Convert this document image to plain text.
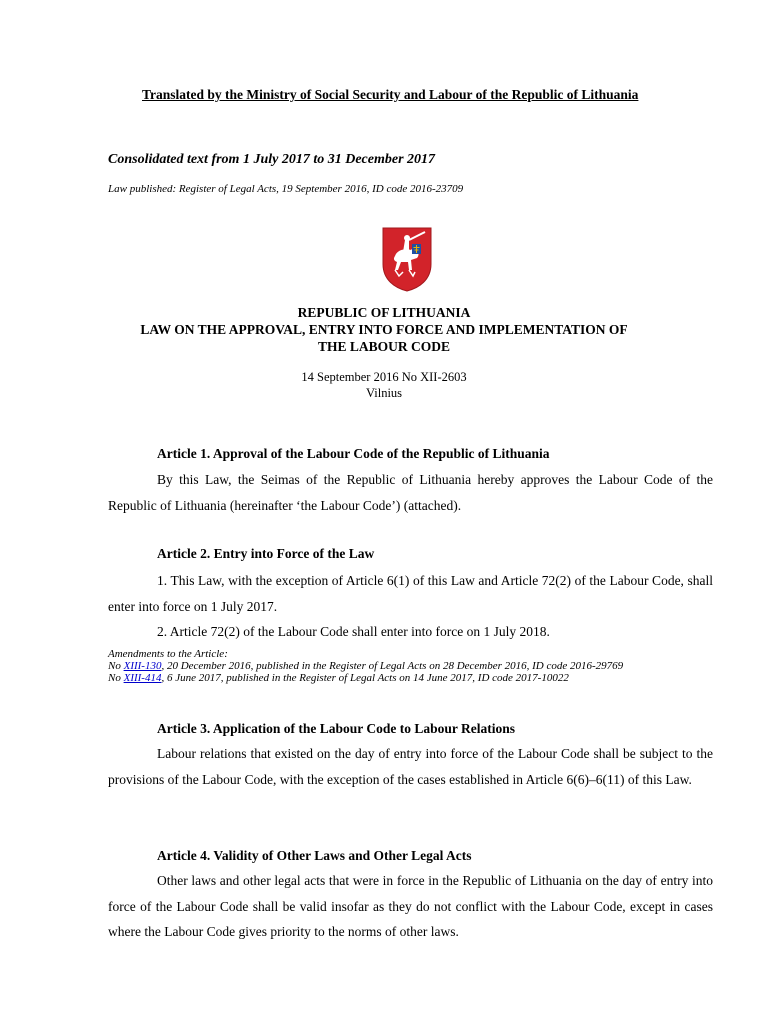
Translated by the Ministry of Social Security and Labour of the Republic of Lithuania
Consolidated text from 1 July 2017 to 31 December 2017
Law published: Register of Legal Acts, 19 September 2016, ID code 2016-23709
REPUBLIC OF LITHUANIA
LAW ON THE APPROVAL, ENTRY INTO FORCE AND IMPLEMENTATION OF
THE LABOUR CODE
14 September 2016 No XII-2603
Vilnius
Article 1. Approval of the Labour Code of the Republic of Lithuania
By this Law, the Seimas of the Republic of Lithuania hereby approves the Labour Code of the Republic of Lithuania (hereinafter ‘the Labour Code’) (attached).
Article 2. Entry into Force of the Law
1. This Law, with the exception of Article 6(1) of this Law and Article 72(2) of the Labour Code, shall enter into force on 1 July 2017.
2. Article 72(2) of the Labour Code shall enter into force on 1 July 2018.
Amendments to the Article:
No XIII-130, 20 December 2016, published in the Register of Legal Acts on 28 December 2016, ID code 2016-29769
No XIII-414, 6 June 2017, published in the Register of Legal Acts on 14 June 2017, ID code 2017-10022
Article 3. Application of the Labour Code to Labour Relations
Labour relations that existed on the day of entry into force of the Labour Code shall be subject to the provisions of the Labour Code, with the exception of the cases established in Article 6(6)–6(11) of this Law.
Article 4. Validity of Other Laws and Other Legal Acts
Other laws and other legal acts that were in force in the Republic of Lithuania on the day of entry into force of the Labour Code shall be valid insofar as they do not conflict with the Labour Code, except in cases where the Labour Code gives priority to the norms of other laws.
